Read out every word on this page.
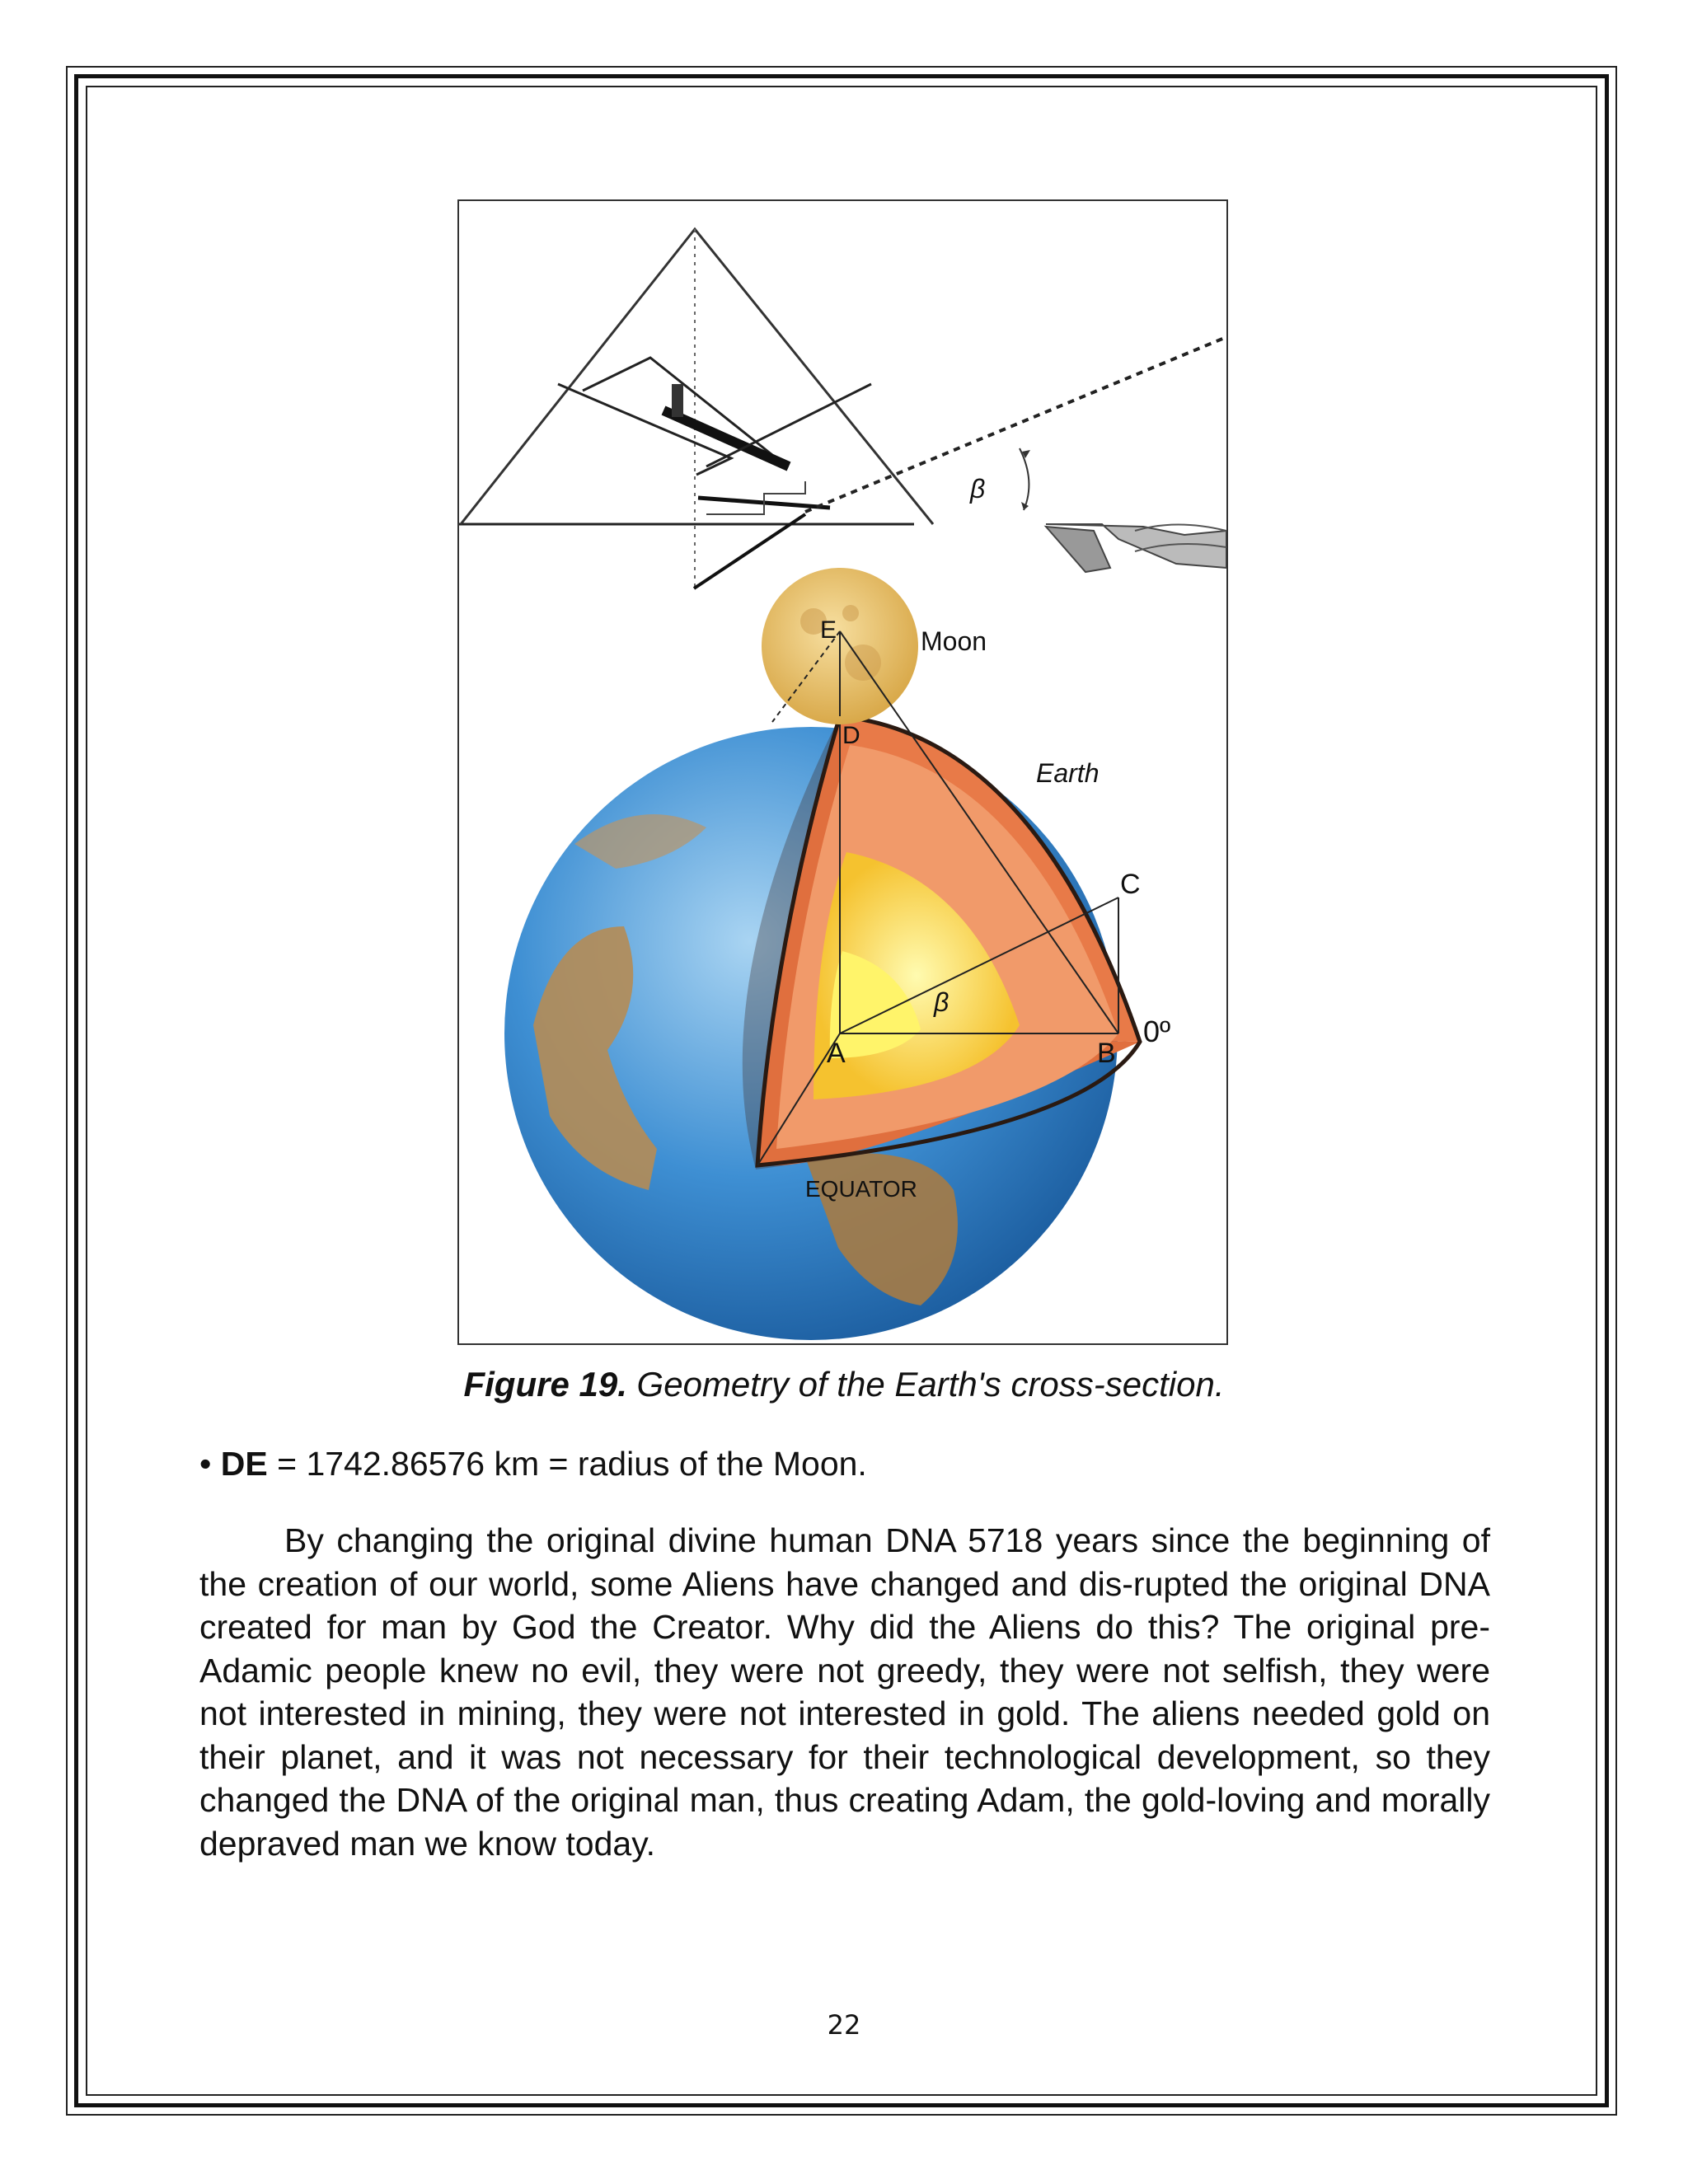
β
EQUATOR
Earth
Moon
E
D
C
A	B
0º
β
Figure 19. Geometry of the Earth's cross-section.
• DE = 1742.86576 km = radius of the Moon.

By changing the original divine human DNA 5718 years since the beginning of the creation of our world, some Aliens have changed and dis-rupted the original DNA created for man by God the Creator. Why did the Aliens do this? The original pre-Adamic people knew no evil, they were not greedy, they were not selfish, they were not interested in mining, they were not interested in gold. The aliens needed gold on their planet, and it was not necessary for their technological development, so they changed the DNA of the original man, thus creating Adam, the gold-loving and morally depraved man we know today.

22
